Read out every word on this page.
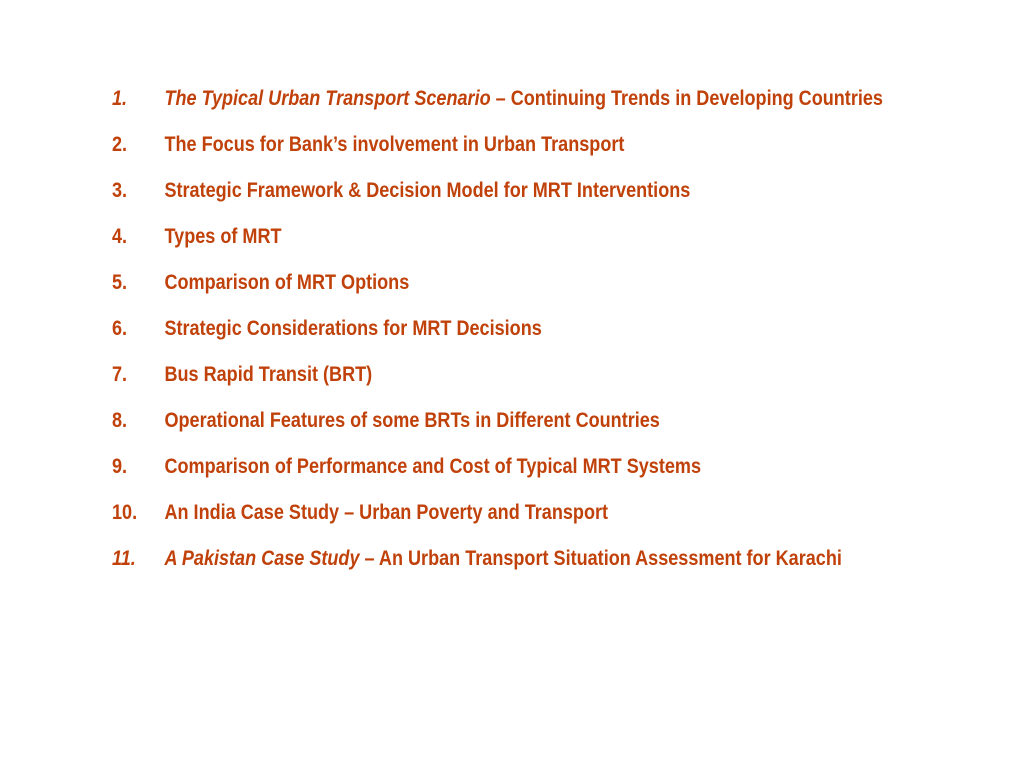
1.	The Typical Urban Transport Scenario – Continuing Trends in Developing Countries
2.	The Focus for Bank’s involvement in Urban Transport
3.	Strategic Framework & Decision Model for MRT Interventions
4.	Types of MRT
5.	Comparison of MRT Options
6.	Strategic Considerations for MRT Decisions
7.	Bus Rapid Transit (BRT)
8.	Operational Features of some BRTs in Different Countries
9.	Comparison of Performance and Cost of Typical MRT Systems
10.	An India Case Study – Urban Poverty and Transport
11.	A Pakistan Case Study – An Urban Transport Situation Assessment for Karachi
